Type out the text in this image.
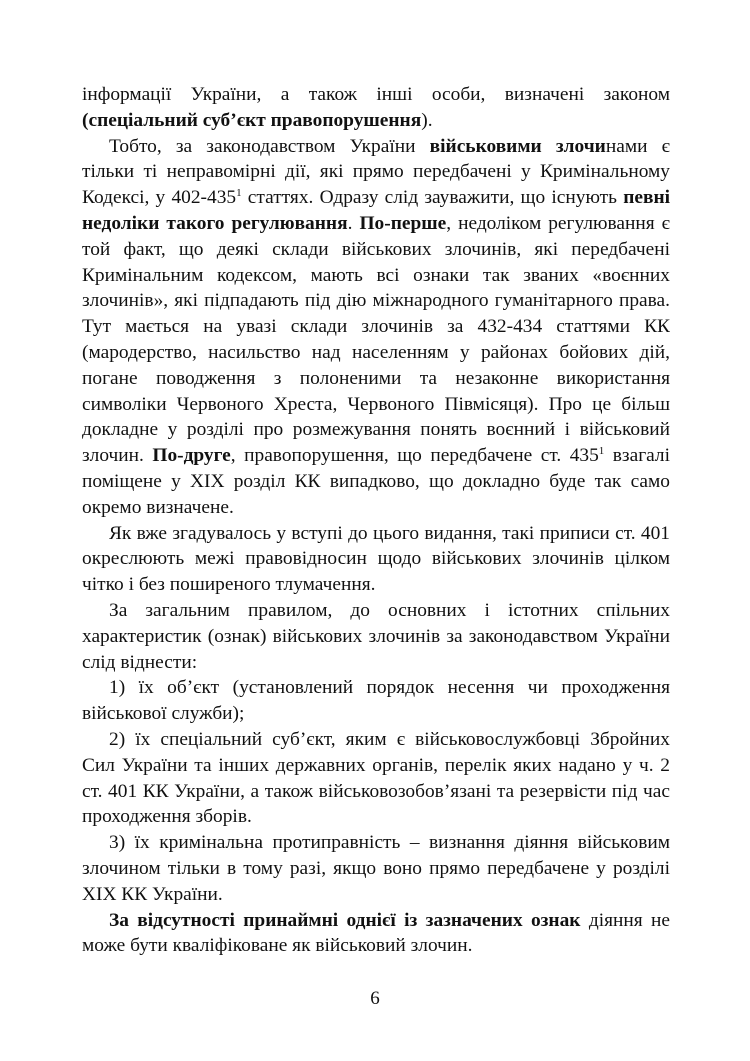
інформації України, а також інші особи, визначені законом (спеціальний суб’єкт правопорушення).

Тобто, за законодавством України військовими злочинами є тільки ті неправомірні дії, які прямо передбачені у Кримінальному Кодексі, у $402-435^1$ статтях. Одразу слід зауважити, що існують певні недоліки такого регулювання. По-перше, недоліком регулювання є той факт, що деякі склади військових злочинів, які передбачені Кримінальним кодексом, мають всі ознаки так званих «воєнних злочинів», які підпадають під дію міжнародного гуманітарного права. Тут мається на увазі склади злочинів за 432-434 статтями КК (мародерство, насильство над населенням у районах бойових дій, погане поводження з полоненими та незаконне використання символіки Червоного Хреста, Червоного Півмісяця). Про це більш докладне у розділі про розмежування понять воєнний і військовий злочин. По-друге, правопорушення, що передбачене ст. $435^1$ взагалі поміщене у XIX розділ КК випадково, що докладно буде так само окремо визначене.

Як вже згадувалось у вступі до цього видання, такі приписи ст. 401 окреслюють межі правовідносин щодо військових злочинів цілком чітко і без поширеного тлумачення.

За загальним правилом, до основних і істотних спільних характеристик (ознак) військових злочинів за законодавством України слід віднести:

1) їх об’єкт (установлений порядок несення чи проходження військової служби);

2) їх спеціальний суб’єкт, яким є військовослужбовці Збройних Сил України та інших державних органів, перелік яких надано у ч. 2 ст. 401 КК України, а також військовозобов’язані та резервісти під час проходження зборів.

3) їх кримінальна протиправність – визнання діяння військовим злочином тільки в тому разі, якщо воно прямо передбачене у розділі XIX КК України.

За відсутності принаймні однієї із зазначених ознак діяння не може бути кваліфіковане як військовий злочин.

6
